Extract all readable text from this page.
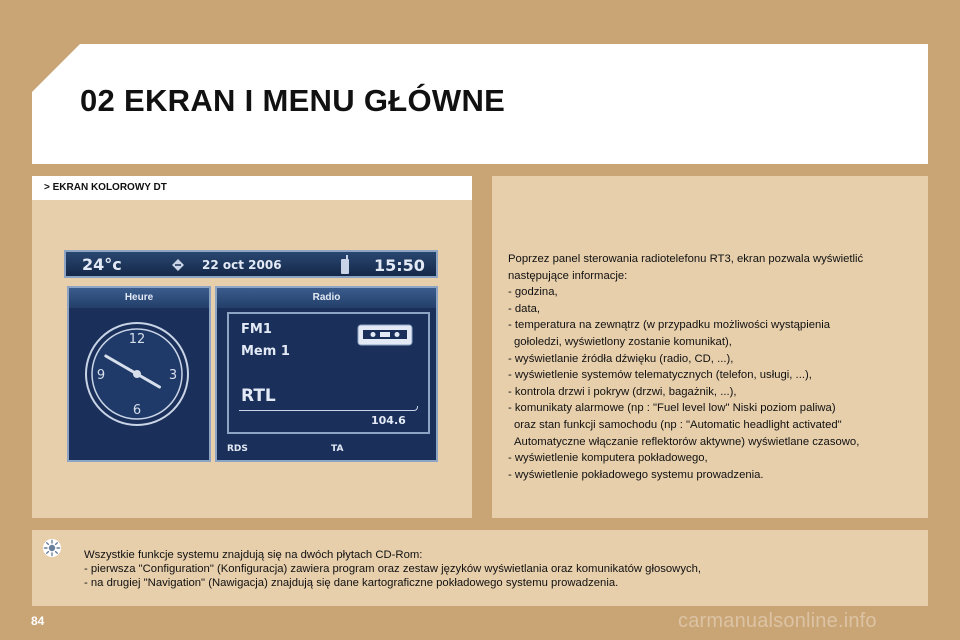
02 EKRAN I MENU GŁÓWNE
> EKRAN KOLOROWY DT
24°c	22 oct 2006	15:50
Heure
12
3
6
9
Radio
FM1
Mem 1
RTL
104.6
RDS	TA
Poprzez panel sterowania radiotelefonu RT3, ekran pozwala wyświetlić
następujące informacje:
- godzina,
- data,
- temperatura na zewnątrz (w przypadku możliwości wystąpienia
gołoledzi, wyświetlony zostanie komunikat),
- wyświetlanie źródła dźwięku (radio, CD, ...),
- wyświetlenie systemów telematycznych (telefon, usługi, ...),
- kontrola drzwi i pokryw (drzwi, bagażnik, ...),
- komunikaty alarmowe (np : "Fuel level low" Niski poziom paliwa)
oraz stan funkcji samochodu (np : "Automatic headlight activated"
Automatyczne włączanie reflektorów aktywne) wyświetlane czasowo,
- wyświetlenie komputera pokładowego,
- wyświetlenie pokładowego systemu prowadzenia.
Wszystkie funkcje systemu znajdują się na dwóch płytach CD-Rom:
- pierwsza "Configuration" (Konfiguracja) zawiera program oraz zestaw języków wyświetlania oraz komunikatów głosowych,
- na drugiej "Navigation" (Nawigacja) znajdują się dane kartograficzne pokładowego systemu prowadzenia.
84	carmanualsonline.info
